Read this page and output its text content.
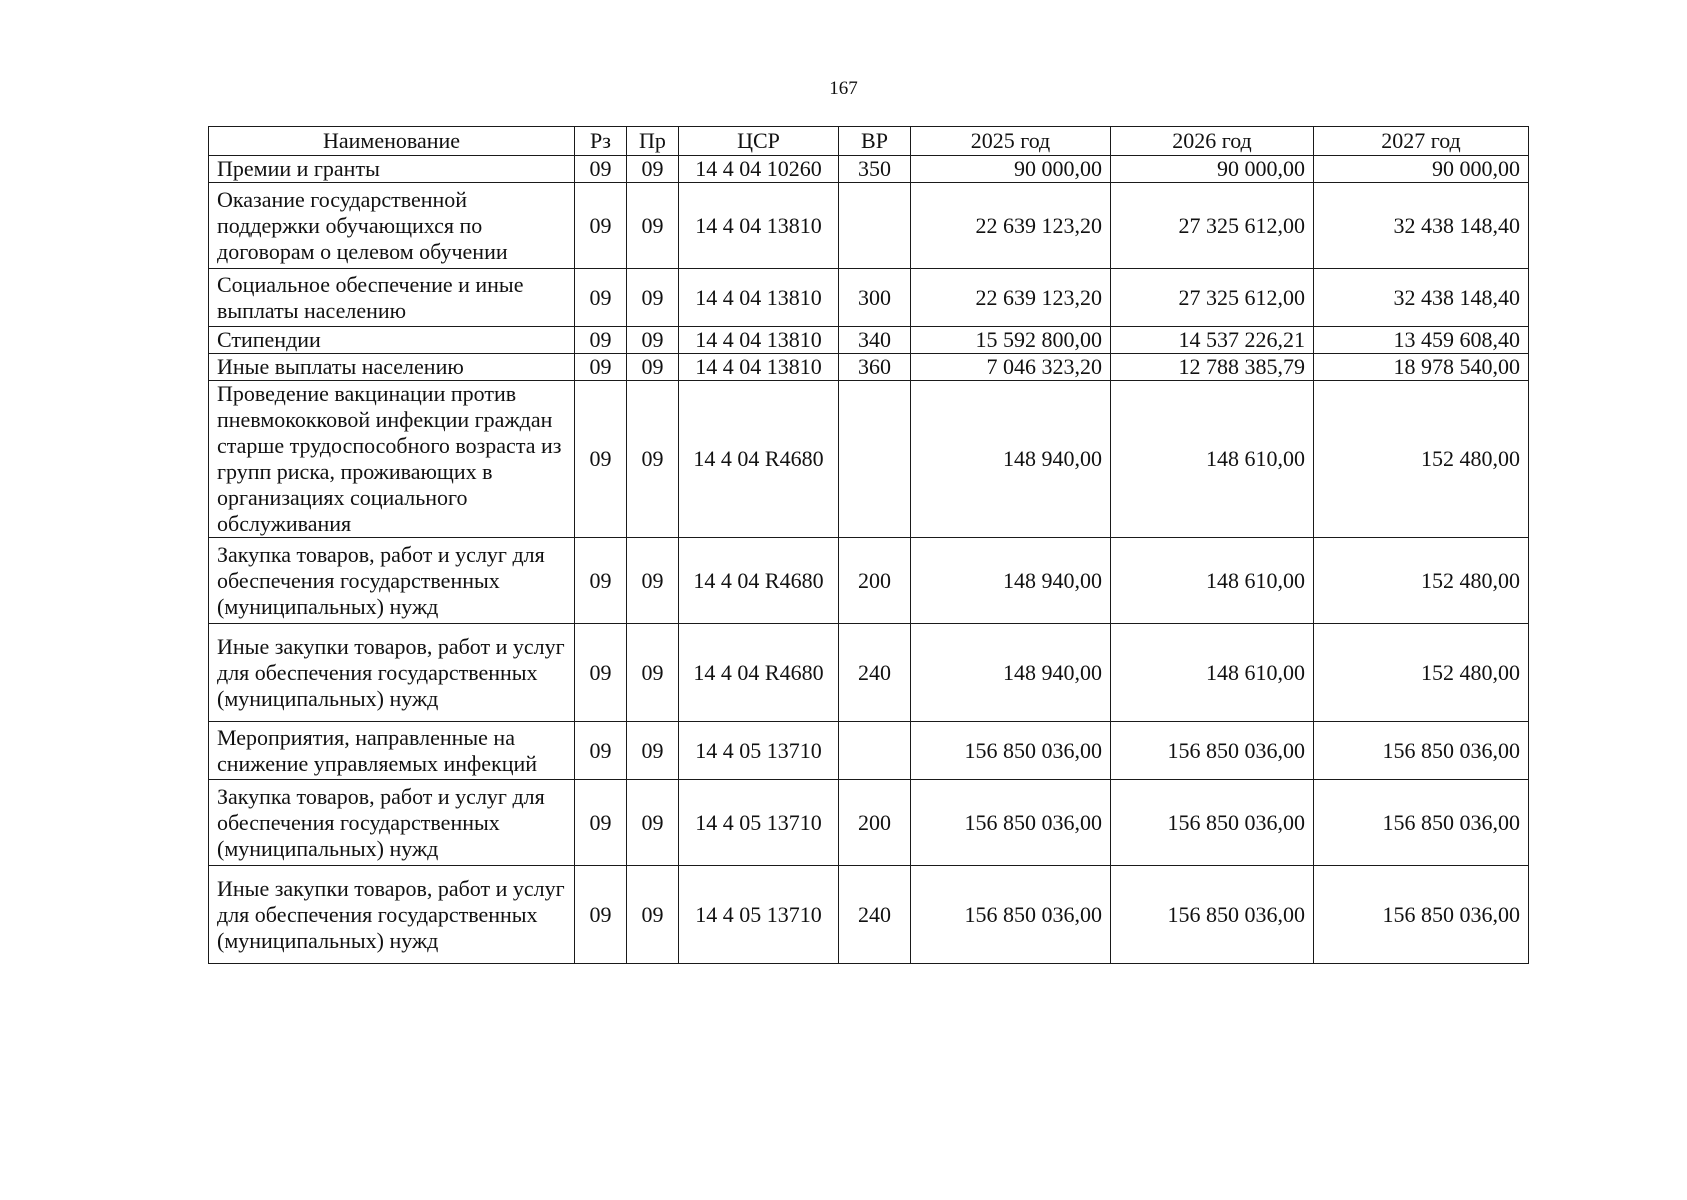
167
Наименование	Рз	Пр	ЦСР	ВР	2025 год	2026 год	2027 год
Премии и гранты	09	09	14 4 04 10260	350	90 000,00	90 000,00	90 000,00
Оказание государственной поддержки обучающихся по договорам о целевом обучении	09	09	14 4 04 13810		22 639 123,20	27 325 612,00	32 438 148,40
Социальное обеспечение и иные выплаты населению	09	09	14 4 04 13810	300	22 639 123,20	27 325 612,00	32 438 148,40
Стипендии	09	09	14 4 04 13810	340	15 592 800,00	14 537 226,21	13 459 608,40
Иные выплаты населению	09	09	14 4 04 13810	360	7 046 323,20	12 788 385,79	18 978 540,00
Проведение вакцинации против пневмококковой инфекции граждан старше трудоспособного возраста из групп риска, проживающих в организациях социального обслуживания	09	09	14 4 04 R4680		148 940,00	148 610,00	152 480,00
Закупка товаров, работ и услуг для обеспечения государственных (муниципальных) нужд	09	09	14 4 04 R4680	200	148 940,00	148 610,00	152 480,00
Иные закупки товаров, работ и услуг для обеспечения государственных (муниципальных) нужд	09	09	14 4 04 R4680	240	148 940,00	148 610,00	152 480,00
Мероприятия, направленные на снижение управляемых инфекций	09	09	14 4 05 13710		156 850 036,00	156 850 036,00	156 850 036,00
Закупка товаров, работ и услуг для обеспечения государственных (муниципальных) нужд	09	09	14 4 05 13710	200	156 850 036,00	156 850 036,00	156 850 036,00
Иные закупки товаров, работ и услуг для обеспечения государственных (муниципальных) нужд	09	09	14 4 05 13710	240	156 850 036,00	156 850 036,00	156 850 036,00
